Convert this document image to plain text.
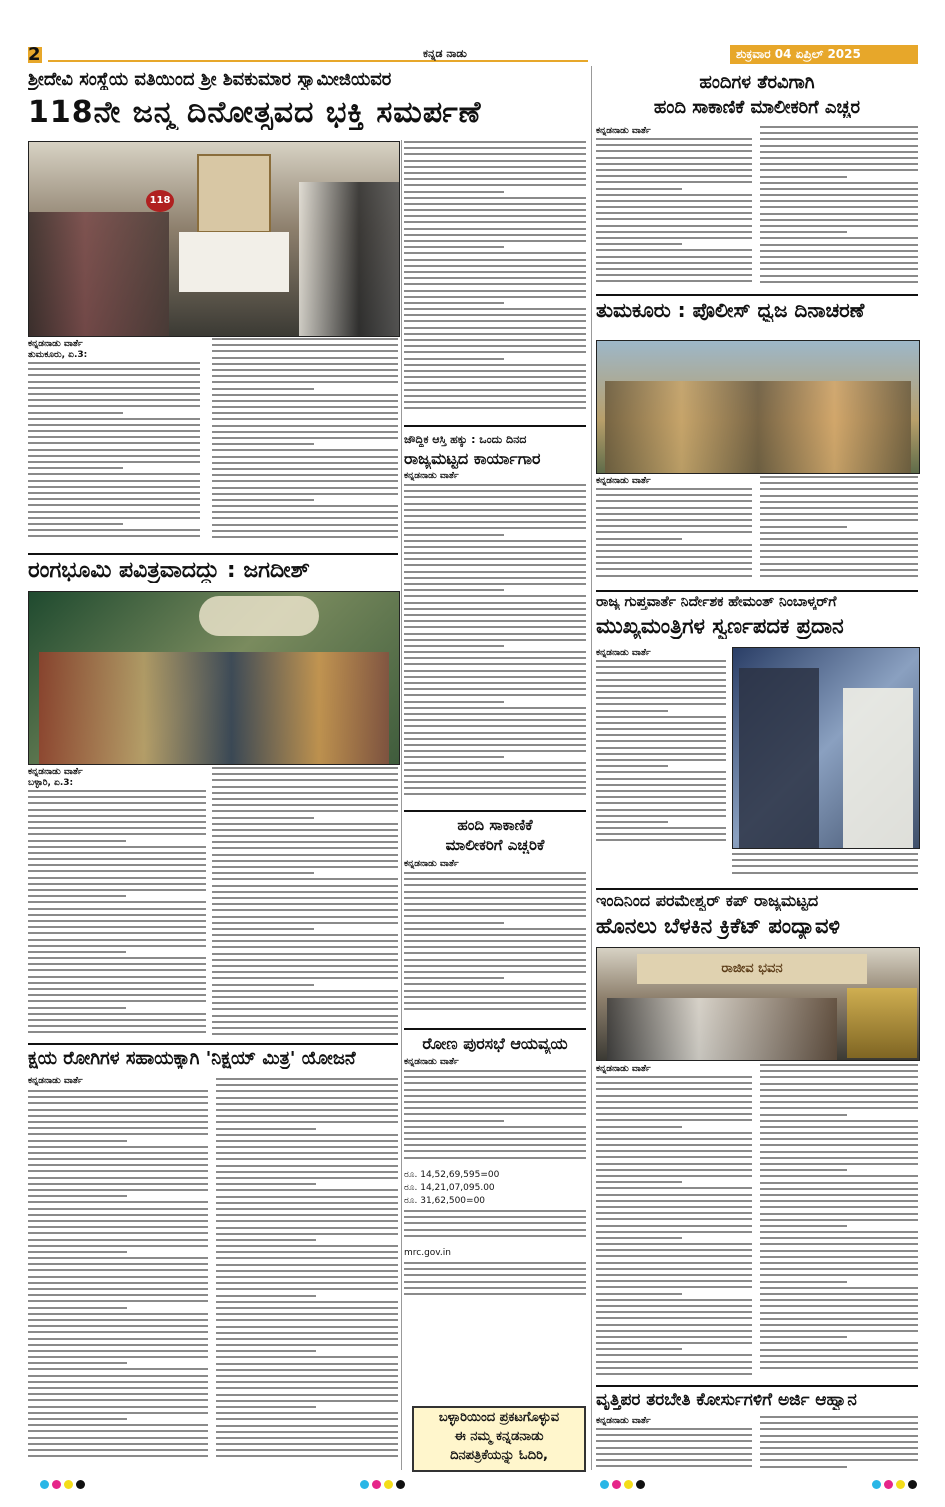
2	ಕನ್ನಡ ನಾಡು	ಶುಕ್ರವಾರ 04 ಏಪ್ರಿಲ್ 2025
ಶ್ರೀದೇವಿ ಸಂಸ್ಥೆಯ ವತಿಯಿಂದ ಶ್ರೀ ಶಿವಕುಮಾರ ಸ್ವಾಮೀಜಿಯವರ
118ನೇ ಜನ್ಮ ದಿನೋತ್ಸವದ ಭಕ್ತಿ ಸಮರ್ಪಣೆ
118
ಕನ್ನಡನಾಡು ವಾರ್ತೆ
ತುಮಕೂರು, ಏ.3:
ಜೌದ್ಧಿಕ ಆಸ್ತಿ ಹಕ್ಕು : ಒಂದು ದಿನದ
ರಾಜ್ಯಮಟ್ಟದ ಕಾರ್ಯಾಗಾರ
ಕನ್ನಡನಾಡು ವಾರ್ತೆ
ಹಂದಿ ಸಾಕಾಣಿಕೆ
ಮಾಲೀಕರಿಗೆ ಎಚ್ಚರಿಕೆ
ಕನ್ನಡನಾಡು ವಾರ್ತೆ
ರೋಣ ಪುರಸಭೆ ಆಯವ್ಯಯ
ಕನ್ನಡನಾಡು ವಾರ್ತೆ
ರೂ. 14,52,69,595=00
ರೂ. 14,21,07,095.00
ರೂ. 31,62,500=00
mrc.gov.in
ಬಳ್ಳಾರಿಯಿಂದ ಪ್ರಕಟಗೊಳ್ಳುವ
ಈ ನಮ್ಮ ಕನ್ನಡನಾಡು
ದಿನಪತ್ರಿಕೆಯನ್ನು ಓದಿರಿ,
ರಂಗಭೂಮಿ ಪವಿತ್ರವಾದದ್ದು : ಜಗದೀಶ್
ಕನ್ನಡನಾಡು ವಾರ್ತೆ
ಬಳ್ಳಾರಿ, ಏ.3:
ಕ್ಷಯ ರೋಗಿಗಳ ಸಹಾಯಕ್ಕಾಗಿ 'ನಿಕ್ಷಯ್ ಮಿತ್ರ' ಯೋಜನೆ
ಕನ್ನಡನಾಡು ವಾರ್ತೆ
ಹಂದಿಗಳ ತೆರವಿಗಾಗಿ
ಹಂದಿ ಸಾಕಾಣಿಕೆ ಮಾಲೀಕರಿಗೆ ಎಚ್ಚರ
ಕನ್ನಡನಾಡು ವಾರ್ತೆ
ತುಮಕೂರು : ಪೊಲೀಸ್ ಧ್ವಜ ದಿನಾಚರಣೆ
ಕನ್ನಡನಾಡು ವಾರ್ತೆ
ರಾಜ್ಯ ಗುಪ್ತವಾರ್ತೆ ನಿರ್ದೇಶಕ ಹೇಮಂತ್ ನಿಂಬಾಳ್ಕರ್‌ಗೆ
ಮುಖ್ಯಮಂತ್ರಿಗಳ ಸ್ವರ್ಣಪದಕ ಪ್ರದಾನ
ಕನ್ನಡನಾಡು ವಾರ್ತೆ
ಇಂದಿನಿಂದ ಪರಮೇಶ್ವರ್ ಕಪ್ ರಾಜ್ಯಮಟ್ಟದ
ಹೊನಲು ಬೆಳಕಿನ ಕ್ರಿಕೆಟ್ ಪಂದ್ಯಾವಳಿ
ರಾಜೀವ ಭವನ
ಕನ್ನಡನಾಡು ವಾರ್ತೆ
ವೃತ್ತಿಪರ ತರಬೇತಿ ಕೋರ್ಸುಗಳಿಗೆ ಅರ್ಜಿ ಆಹ್ವಾನ
ಕನ್ನಡನಾಡು ವಾರ್ತೆ
